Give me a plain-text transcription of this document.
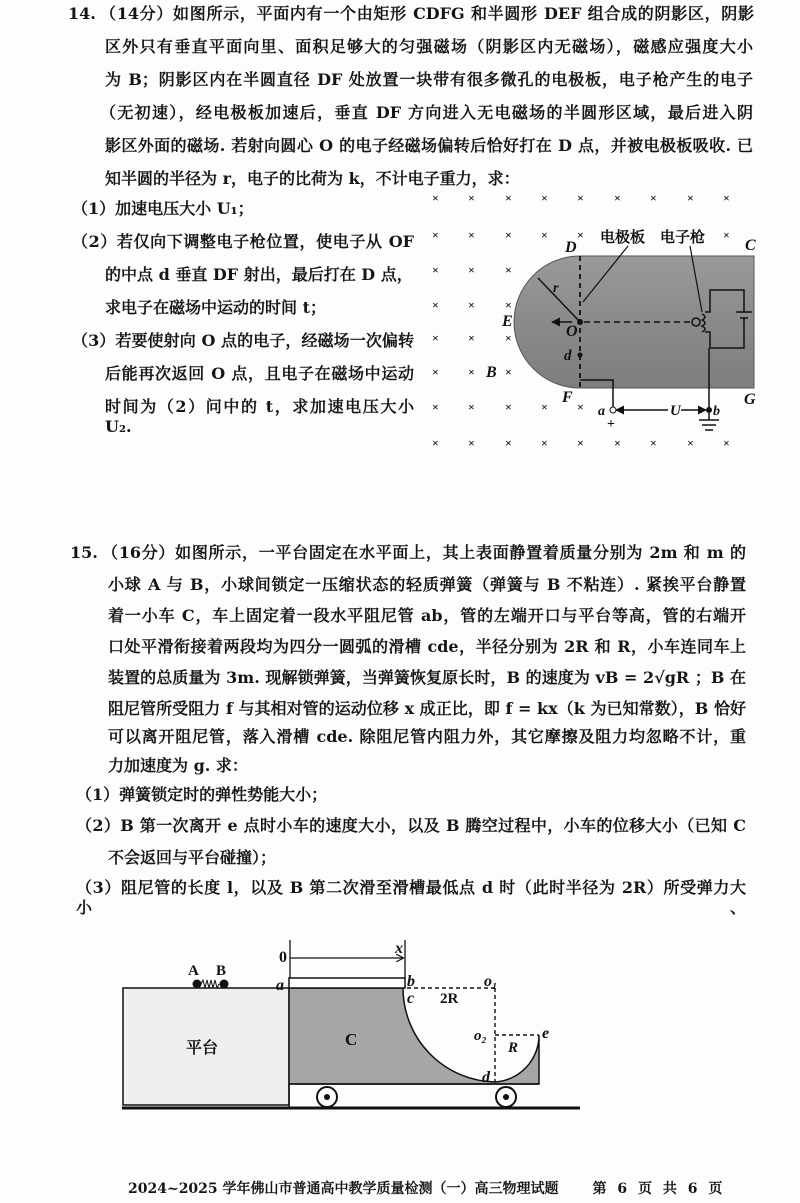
14. （14分）如图所示，平面内有一个由矩形 CDFG 和半圆形 DEF 组合成的阴影区，阴影
区外只有垂直平面向里、面积足够大的匀强磁场（阴影区内无磁场），磁感应强度大小
为 B；阴影区内在半圆直径 DF 处放置一块带有很多微孔的电极板，电子枪产生的电子
（无初速），经电极板加速后，垂直 DF 方向进入无电磁场的半圆形区域，最后进入阴
影区外面的磁场. 若射向圆心 O 的电子经磁场偏转后恰好打在 D 点，并被电极板吸收. 已
知半圆的半径为 r，电子的比荷为 k，不计电子重力，求：
（1）加速电压大小 U₁；
（2）若仅向下调整电子枪位置，使电子从 OF
的中点 d 垂直 DF 射出，最后打在 D 点，
求电子在磁场中运动的时间 t；
（3）若要使射向 O 点的电子，经磁场一次偏转
后能再次返回 O 点，且电子在磁场中运动
时间为（2）问中的 t，求加速电压大小 U₂.
× ×	× × ×	× ×	× ×
× ×	× × ×	×
× ×	×
× ×	×
× ×	×
× ×	×
× ×	× × ×
× ×	× × ×	× ×	× ×
电极板 电子枪
D	C
E
O
d
F	G
r
B
a	b
U
+
15. （16分）如图所示，一平台固定在水平面上，其上表面静置着质量分别为 2m 和 m 的
小球 A 与 B，小球间锁定一压缩状态的轻质弹簧（弹簧与 B 不粘连）. 紧挨平台静置
着一小车 C，车上固定着一段水平阻尼管 ab，管的左端开口与平台等高，管的右端开
口处平滑衔接着两段均为四分一圆弧的滑槽 cde，半径分别为 2R 和 R，小车连同车上
装置的总质量为 3m. 现解锁弹簧，当弹簧恢复原长时，B 的速度为 vB = 2√gR ；B 在
阻尼管所受阻力 f 与其相对管的运动位移 x 成正比，即 f = kx（k 为已知常数），B 恰好
可以离开阻尼管，落入滑槽 cde. 除阻尼管内阻力外，其它摩擦及阻力均忽略不计，重
力加速度为 g. 求：
（1）弹簧锁定时的弹性势能大小；
（2）B 第一次离开 e 点时小车的速度大小，以及 B 腾空过程中，小车的位移大小（已知 C
不会返回与平台碰撞）；
（3）阻尼管的长度 l，以及 B 第二次滑至滑槽最低点 d 时（此时半径为 2R）所受弹力大小、
A B
平台	C
0
x
a	b
c
o₁
o₂
d
e
2R
R
2024~2025 学年佛山市普通高中教学质量检测（一）高三物理试题 第 6 页 共 6 页
